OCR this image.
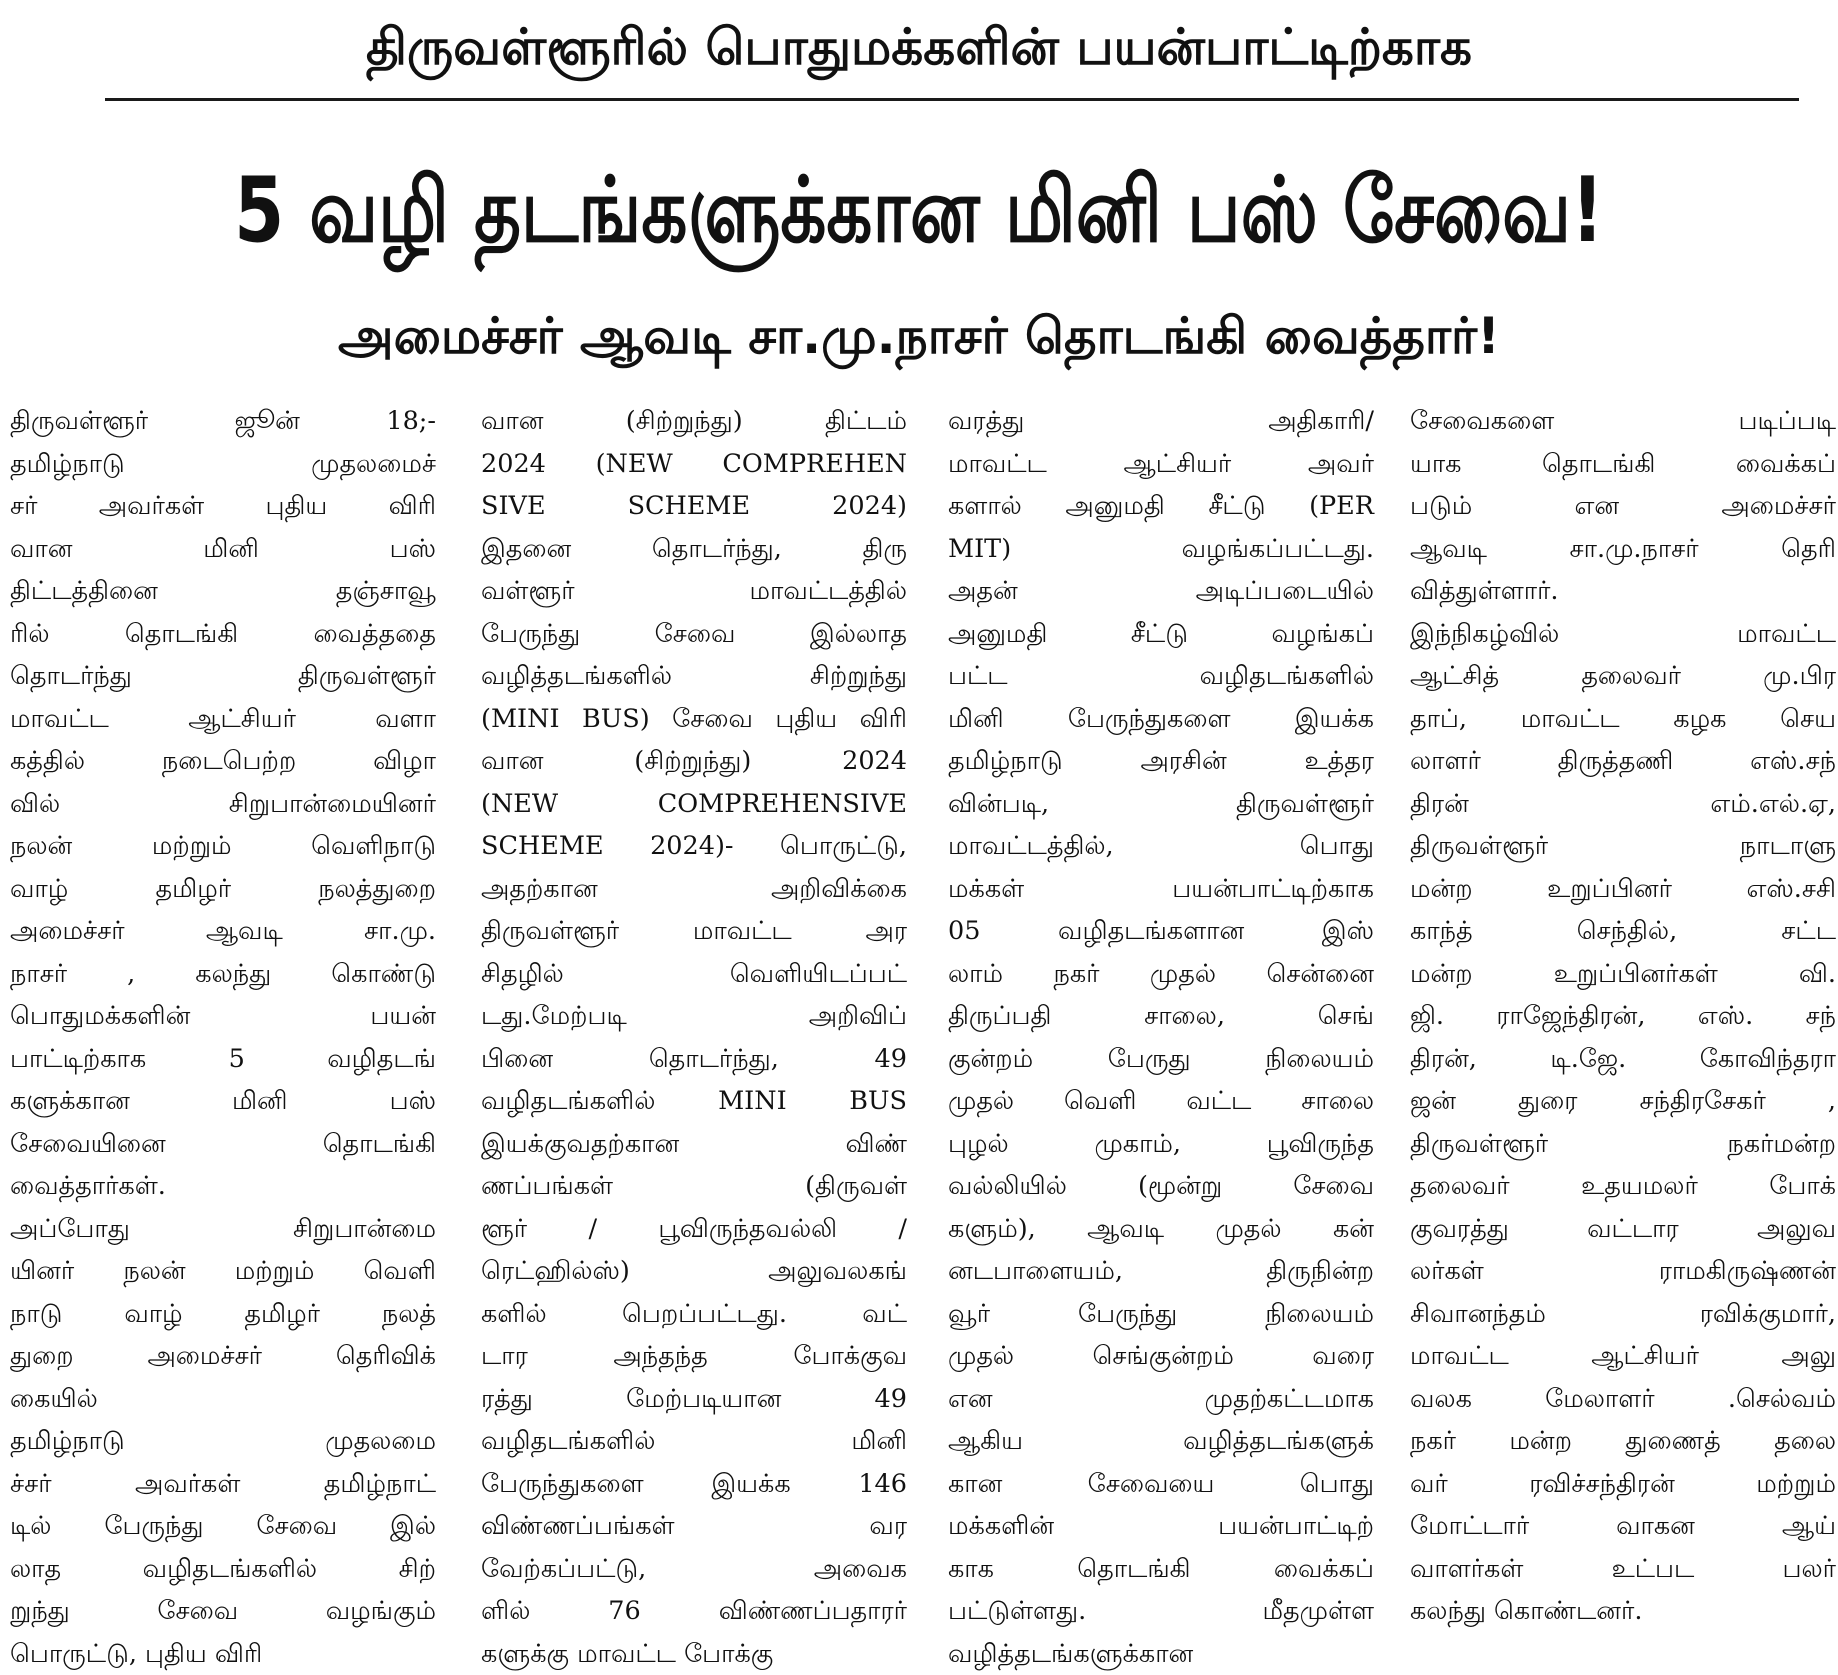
திருவள்ளூரில் பொதுமக்களின் பயன்பாட்டிற்காக
5 வழி தடங்களுக்கான மினி பஸ் சேவை!
அமைச்சர் ஆவடி சா.மு.நாசர் தொடங்கி வைத்தார்!
திருவள்ளூர் ஜூன் 18;-
தமிழ்நாடு முதலமைச்
சர் அவர்கள் புதிய விரி
வான மினி பஸ்
திட்டத்தினை தஞ்சாவூ
ரில் தொடங்கி வைத்ததை
தொடர்ந்து திருவள்ளூர்
மாவட்ட ஆட்சியர் வளா
கத்தில் நடைபெற்ற விழா
வில் சிறுபான்மையினர்
நலன் மற்றும் வெளிநாடு
வாழ் தமிழர் நலத்துறை
அமைச்சர் ஆவடி சா.மு.
நாசர் , கலந்து கொண்டு
பொதுமக்களின் பயன்
பாட்டிற்காக 5 வழிதடங்
களுக்கான மினி பஸ்
சேவையினை தொடங்கி
வைத்தார்கள்.
அப்போது சிறுபான்மை
யினர் நலன் மற்றும் வெளி
நாடு வாழ் தமிழர் நலத்
துறை அமைச்சர் தெரிவிக்
கையில்
தமிழ்நாடு முதலமை
ச்சர் அவர்கள் தமிழ்நாட்
டில் பேருந்து சேவை இல்
லாத வழிதடங்களில் சிற்
றுந்து சேவை வழங்கும்
பொருட்டு, புதிய விரி
வான (சிற்றுந்து) திட்டம்
2024 (NEW COMPREHEN
SIVE SCHEME 2024)
இதனை தொடர்ந்து, திரு
வள்ளூர் மாவட்டத்தில்
பேருந்து சேவை இல்லாத
வழித்தடங்களில் சிற்றுந்து
(MINI BUS) சேவை புதிய விரி
வான (சிற்றுந்து) 2024
(NEW COMPREHENSIVE
SCHEME 2024)- பொருட்டு,
அதற்கான அறிவிக்கை
திருவள்ளூர் மாவட்ட அர
சிதழில் வெளியிடப்பட்
டது.மேற்படி அறிவிப்
பினை தொடர்ந்து, 49
வழிதடங்களில் MINI BUS
இயக்குவதற்கான விண்
ணப்பங்கள் (திருவள்
ளூர் / பூவிருந்தவல்லி /
ரெட்ஹில்ஸ்) அலுவலகங்
களில் பெறப்பட்டது. வட்
டார அந்தந்த போக்குவ
ரத்து மேற்படியான 49
வழிதடங்களில் மினி
பேருந்துகளை இயக்க 146
விண்ணப்பங்கள் வர
வேற்கப்பட்டு, அவைக
ளில் 76 விண்ணப்பதாரர்
களுக்கு மாவட்ட போக்கு
வரத்து அதிகாரி/
மாவட்ட ஆட்சியர் அவர்
களால் அனுமதி சீட்டு (PER
MIT) வழங்கப்பட்டது.
அதன் அடிப்படையில்
அனுமதி சீட்டு வழங்கப்
பட்ட வழிதடங்களில்
மினி பேருந்துகளை இயக்க
தமிழ்நாடு அரசின் உத்தர
வின்படி, திருவள்ளூர்
மாவட்டத்தில், பொது
மக்கள் பயன்பாட்டிற்காக
05 வழிதடங்களான இஸ்
லாம் நகர் முதல் சென்னை
திருப்பதி சாலை, செங்
குன்றம் பேருது நிலையம்
முதல் வெளி வட்ட சாலை
புழல் முகாம், பூவிருந்த
வல்லியில் (மூன்று சேவை
களும்), ஆவடி முதல் கன்
னடபாளையம், திருநின்ற
வூர் பேருந்து நிலையம்
முதல் செங்குன்றம் வரை
என முதற்கட்டமாக
ஆகிய வழித்தடங்களுக்
கான சேவையை பொது
மக்களின் பயன்பாட்டிற்
காக தொடங்கி வைக்கப்
பட்டுள்ளது. மீதமுள்ள
வழித்தடங்களுக்கான
சேவைகளை படிப்படி
யாக தொடங்கி வைக்கப்
படும் என அமைச்சர்
ஆவடி சா.மு.நாசர் தெரி
வித்துள்ளார்.
இந்நிகழ்வில் மாவட்ட
ஆட்சித் தலைவர் மு.பிர
தாப், மாவட்ட கழக செய
லாளர் திருத்தணி எஸ்.சந்
திரன் எம்.எல்.ஏ,
திருவள்ளூர் நாடாளு
மன்ற உறுப்பினர் எஸ்.சசி
காந்த் செந்தில், சட்ட
மன்ற உறுப்பினர்கள் வி.
ஜி. ராஜேந்திரன், எஸ். சந்
திரன், டி.ஜே. கோவிந்தரா
ஜன் துரை சந்திரசேகர் ,
திருவள்ளூர் நகர்மன்ற
தலைவர் உதயமலர் போக்
குவரத்து வட்டார அலுவ
லர்கள் ராமகிருஷ்ணன்
சிவானந்தம் ரவிக்குமார்,
மாவட்ட ஆட்சியர் அலு
வலக மேலாளர் .செல்வம்
நகர் மன்ற துணைத் தலை
வர் ரவிச்சந்திரன் மற்றும்
மோட்டார் வாகன ஆய்
வாளர்கள் உட்பட பலர்
கலந்து கொண்டனர்.
